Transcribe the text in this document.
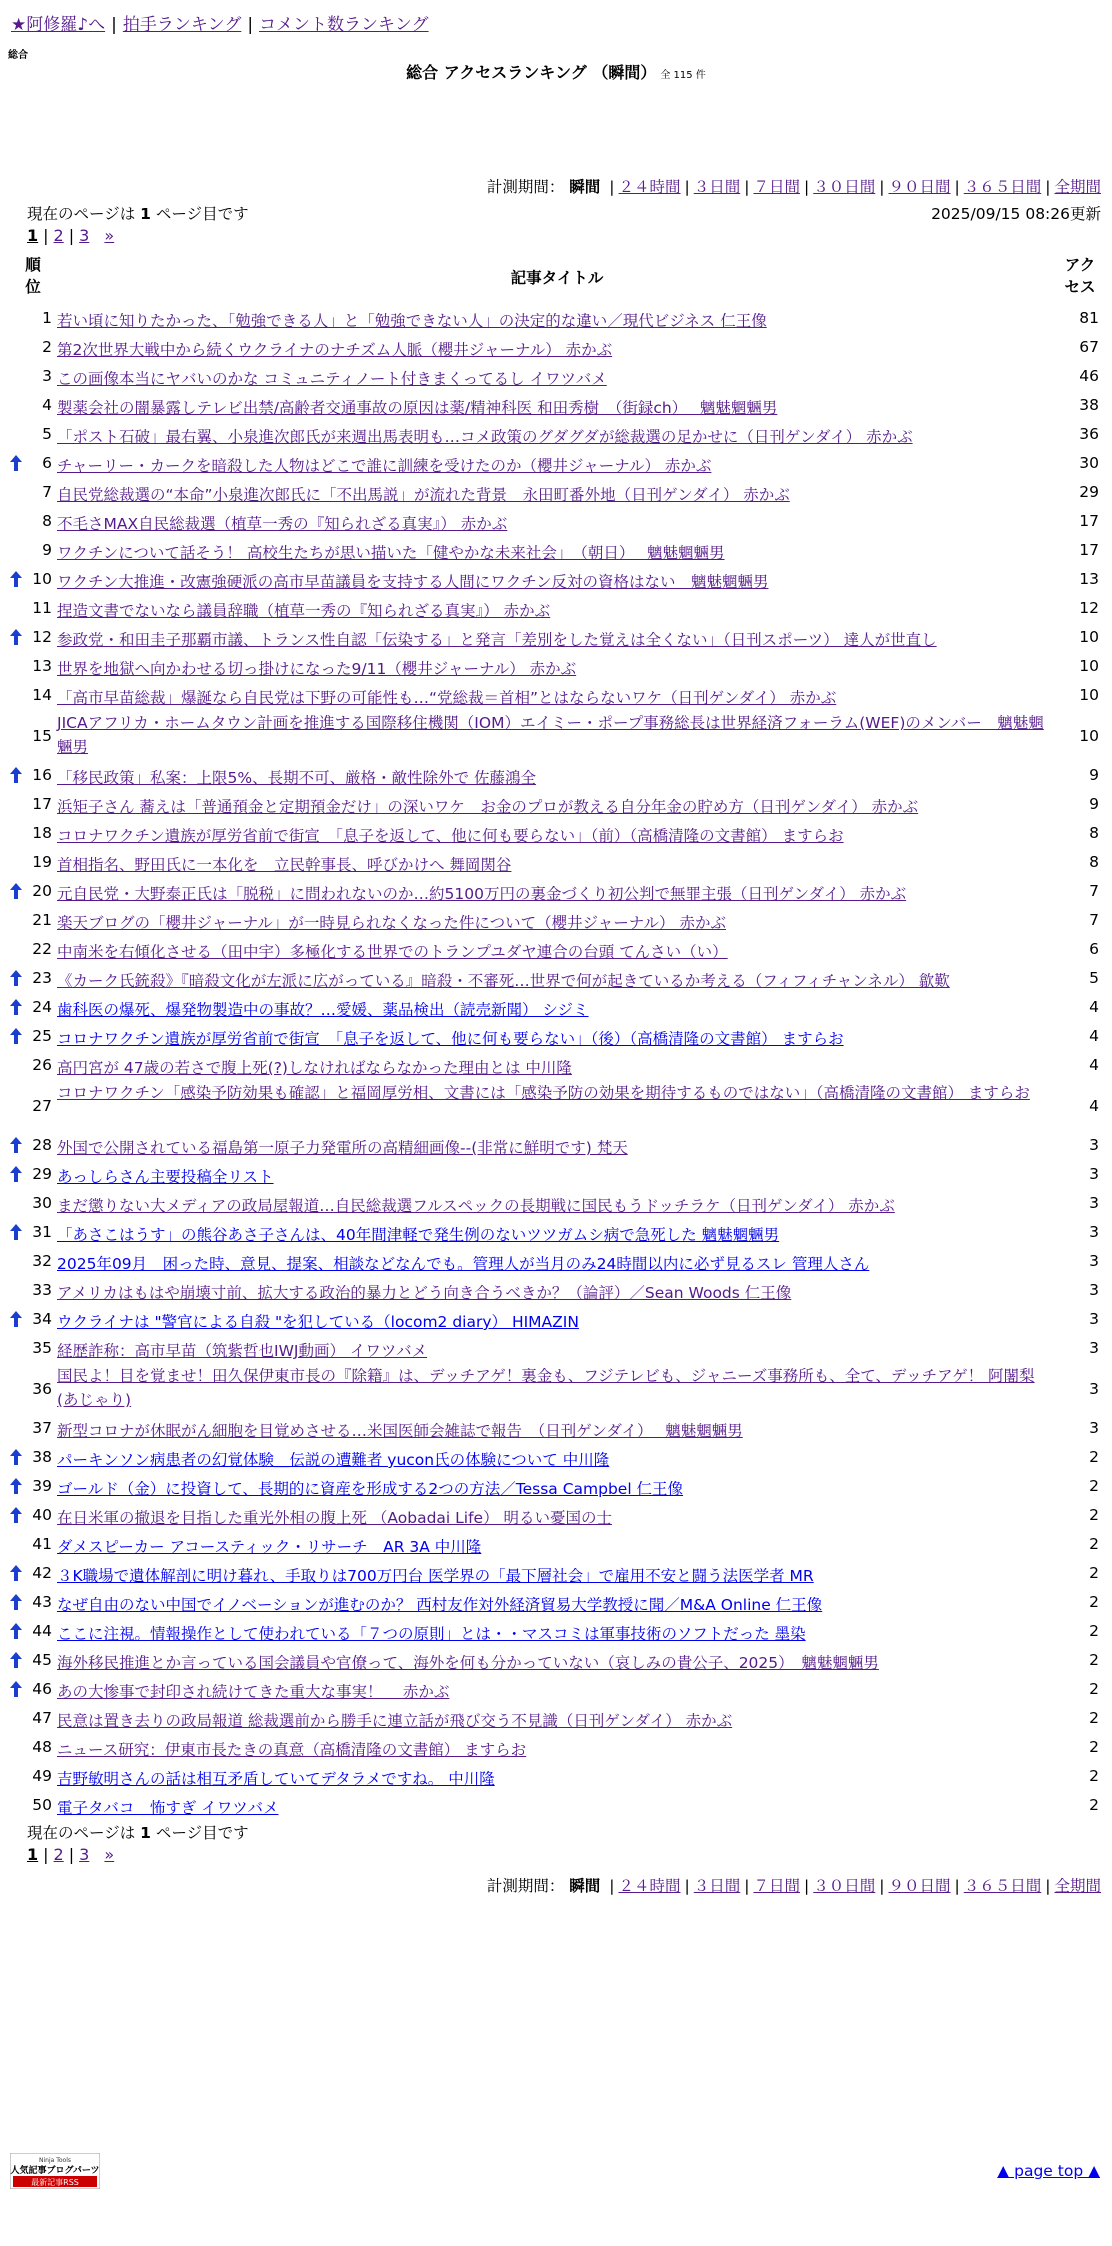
★阿修羅♪へ | 拍手ランキング | コメント数ランキング
総合
総合 アクセスランキング （瞬間） 全 115 件
計測期間： 瞬間 | ２４時間 | ３日間 | ７日間 | ３０日間 | ９０日間 | ３６５日間 | 全期間
現在のページは 1 ページ目です	2025/09/15 08:26更新
1 | 2 | 3 »
順
位	記事タイトル
アク
セス
1 若い頃に知りたかった、「勉強できる人」と「勉強できない人」の決定的な違い／現代ビジネス 仁王像	81
2 第2次世界大戦中から続くウクライナのナチズム人脈（櫻井ジャーナル） 赤かぶ	67
3 この画像本当にヤバいのかな コミュニティノート付きまくってるし イワツバメ	46
4 製薬会社の闇暴露しテレビ出禁/高齢者交通事故の原因は薬/精神科医 和田秀樹　（街録ch）　 魑魅魍魎男	38
5 「ポスト石破」最右翼、小泉進次郎氏が来週出馬表明も…コメ政策のグダグダが総裁選の足かせに（日刊ゲンダイ） 赤かぶ	36
6 チャーリー・カークを暗殺した人物はどこで誰に訓練を受けたのか（櫻井ジャーナル） 赤かぶ	30
7 自民党総裁選の“本命”小泉進次郎氏に「不出馬説」が流れた背景　永田町番外地（日刊ゲンダイ） 赤かぶ	29
8 不毛さMAX自民総裁選（植草一秀の『知られざる真実』） 赤かぶ	17
9 ワクチンについて話そう！ 高校生たちが思い描いた「健やかな未来社会」　（朝日）　 魑魅魍魎男	17
10 ワクチン大推進・改憲強硬派の高市早苗議員を支持する人間にワクチン反対の資格はない　魑魅魍魎男	13
11 捏造文書でないなら議員辞職（植草一秀の『知られざる真実』） 赤かぶ	12
12 参政党・和田圭子那覇市議、トランス性自認「伝染する」と発言「差別をした覚えは全くない」（日刊スポーツ） 達人が世直し	10
13 世界を地獄へ向かわせる切っ掛けになった9/11（櫻井ジャーナル） 赤かぶ	10
14 「高市早苗総裁」爆誕なら自民党は下野の可能性も…“党総裁＝首相”とはならないワケ（日刊ゲンダイ） 赤かぶ	10
15
JICAアフリカ・ホームタウン計画を推進する国際移住機関（IOM）エイミー・ポープ事務総長は世界経済フォーラム(WEF)のメンバー　魑魅魍魎男
10
16 「移民政策」私案：上限5%、長期不可、厳格・敵性除外で 佐藤鴻全	9
17 浜矩子さん 蕎えは「普通預金と定期預金だけ」の深いワケ　お金のプロが教える自分年金の貯め方（日刊ゲンダイ） 赤かぶ	9
18 コロナワクチン遺族が厚労省前で街宣　「息子を返して、他に何も要らない」（前）（高橋清隆の文書館） ますらお	8
19 首相指名、野田氏に一本化を　立民幹事長、呼びかけへ 舞岡関谷	8
20 元自民党・大野泰正氏は「脱税」に問われないのか…約5100万円の裏金づくり初公判で無罪主張（日刊ゲンダイ） 赤かぶ	7
21 楽天ブログの「櫻井ジャーナル」が一時見られなくなった件について（櫻井ジャーナル） 赤かぶ	7
22 中南米を右傾化させる（田中宇）多極化する世界でのトランプユダヤ連合の台頭 てんさい（い）	6
23 《カーク氏銃殺》『暗殺文化が左派に広がっている』暗殺・不審死…世界で何が起きているか考える（フィフィチャンネル） 歙歎	5
24 歯科医の爆死、爆発物製造中の事故？…愛媛、薬品検出（読売新聞） シジミ	4
25 コロナワクチン遺族が厚労省前で街宣　「息子を返して、他に何も要らない」（後）（高橋清隆の文書館） ますらお	4
26 高円宮が 47歳の若さで腹上死(?)しなければならなかった理由とは 中川隆	4
27
コロナワクチン「感染予防効果も確認」と福岡厚労相、文書には「感染予防の効果を期待するものではない」（高橋清隆の文書館） ますらお
4
28 外国で公開されている福島第一原子力発電所の高精細画像--(非常に鮮明です) 梵天	3
29 あっしらさん主要投稿全リスト	3
30 まだ懲りない大メディアの政局屋報道…自民総裁選フルスペックの長期戦に国民もうドッチラケ（日刊ゲンダイ） 赤かぶ	3
31 「あさこはうす」の熊谷あさ子さんは、40年間津軽で発生例のないツツガムシ病で急死した 魑魅魍魎男	3
32 2025年09月　困った時、意見、提案、相談などなんでも。管理人が当月のみ24時間以内に必ず見るスレ 管理人さん	3
33 アメリカはもはや崩壊寸前、拡大する政治的暴力とどう向き合うべきか？（論評）／Sean Woods 仁王像	3
34 ウクライナは "警官による自殺 "を犯している（locom2 diary） HIMAZIN	3
35 経歴詐称：高市早苗（筑紫哲也IWJ動画） イワツバメ	3
36
国民よ！目を覚ませ！田久保伊東市長の『除籍』は、デッチアゲ！裏金も、フジテレビも、ジャニーズ事務所も、全て、デッチアゲ！ 阿闍梨(あじゃり)
3
37 新型コロナが休眠がん細胞を目覚めさせる…米国医師会雑誌で報告　（日刊ゲンダイ）　 魑魅魍魎男	3
38 パーキンソン病患者の幻覚体験＿伝説の遭難者 yucon氏の体験について 中川隆	2
39 ゴールド（金）に投資して、長期的に資産を形成する2つの方法／Tessa Campbel 仁王像	2
40 在日米軍の撤退を目指した重光外相の腹上死 （Aobadai Life） 明るい憂国の士	2
41 ダメスピーカー アコースティック・リサーチ　AR 3A 中川隆	2
42 ３K職場で遺体解剖に明け暮れ、手取りは700万円台 医学界の「最下層社会」で雇用不安と闘う法医学者 MR	2
43 なぜ自由のない中国でイノベーションが進むのか？ 西村友作対外経済貿易大学教授に聞／M&A Online 仁王像	2
44 ここに注視。情報操作として使われている「７つの原則」とは・・マスコミは軍事技術のソフトだった 墨染	2
45 海外移民推進とか言っている国会議員や官僚って、海外を何も分かっていない（哀しみの貴公子、2025）　魑魅魍魎男	2
46 あの大惨事で封印され続けてきた重大な事実！　 赤かぶ	2
47 民意は置き去りの政局報道 総裁選前から勝手に連立話が飛び交う不見識（日刊ゲンダイ） 赤かぶ	2
48 ニュース研究：伊東市長たきの真意（高橋清隆の文書館） ますらお	2
49 吉野敏明さんの話は相互矛盾していてデタラメですね。 中川隆	2
50 電子タバコ　怖すぎ イワツバメ	2
現在のページは 1 ページ目です
1 | 2 | 3 »
計測期間： 瞬間 | ２４時間 | ３日間 | ７日間 | ３０日間 | ９０日間 | ３６５日間 | 全期間
Ninja Tools
人気記事ブログパーツ
最新記事RSS
▲ page top ▲
